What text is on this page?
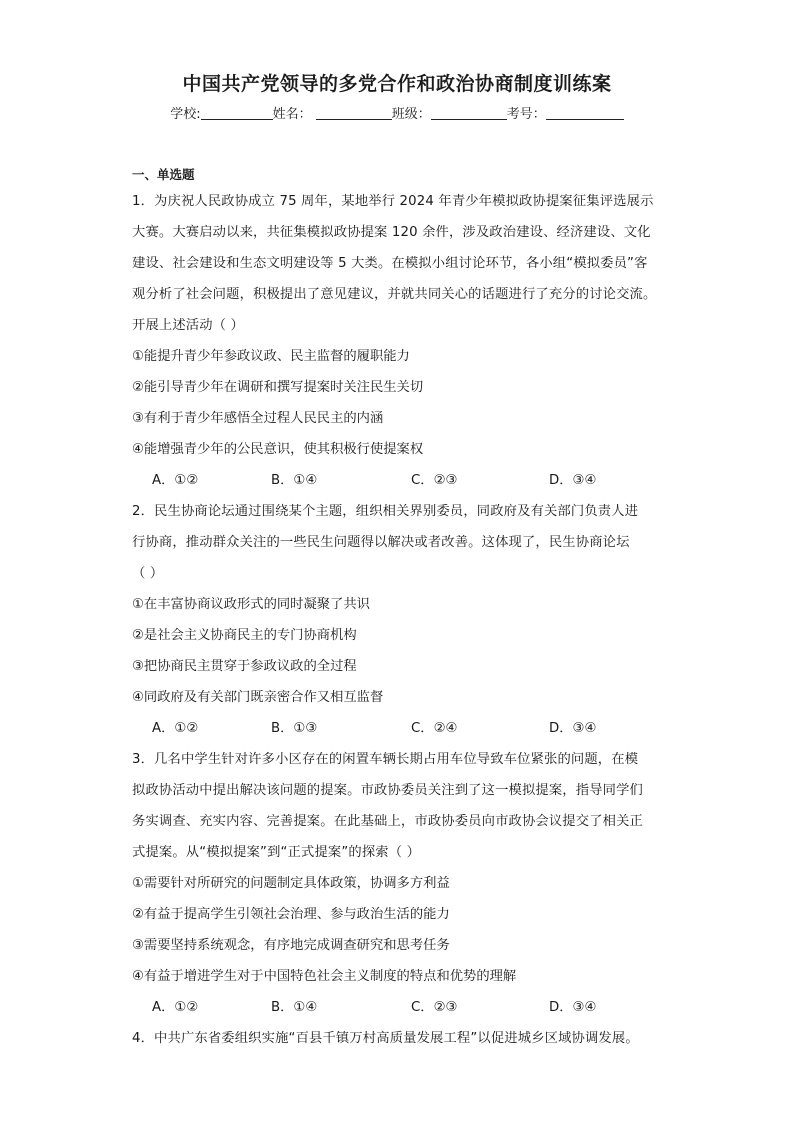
中国共产党领导的多党合作和政治协商制度训练案
学校:	姓名：	班级：	考号：
一、单选题
1．为庆祝人民政协成立 75 周年，某地举行 2024 年青少年模拟政协提案征集评选展示
大赛。大赛启动以来，共征集模拟政协提案 120 余件，涉及政治建设、经济建设、文化
建设、社会建设和生态文明建设等 5 大类。在模拟小组讨论环节，各小组“模拟委员”客
观分析了社会问题，积极提出了意见建议，并就共同关心的话题进行了充分的讨论交流。
开展上述活动（ ）
①能提升青少年参政议政、民主监督的履职能力
②能引导青少年在调研和撰写提案时关注民生关切
③有利于青少年感悟全过程人民民主的内涵
④能增强青少年的公民意识，使其积极行使提案权
A．①②	B．①④	C．②③	D．③④
2．民生协商论坛通过围绕某个主题，组织相关界别委员，同政府及有关部门负责人进
行协商，推动群众关注的一些民生问题得以解决或者改善。这体现了，民生协商论坛
（ ）
①在丰富协商议政形式的同时凝聚了共识
②是社会主义协商民主的专门协商机构
③把协商民主贯穿于参政议政的全过程
④同政府及有关部门既亲密合作又相互监督
A．①②	B．①③	C．②④	D．③④
3．几名中学生针对许多小区存在的闲置车辆长期占用车位导致车位紧张的问题，在模
拟政协活动中提出解决该问题的提案。市政协委员关注到了这一模拟提案，指导同学们
务实调查、充实内容、完善提案。在此基础上，市政协委员向市政协会议提交了相关正
式提案。从“模拟提案”到“正式提案”的探索（ ）
①需要针对所研究的问题制定具体政策，协调多方利益
②有益于提高学生引领社会治理、参与政治生活的能力
③需要坚持系统观念，有序地完成调查研究和思考任务
④有益于增进学生对于中国特色社会主义制度的特点和优势的理解
A．①②	B．①④	C．②③	D．③④
4．中共广东省委组织实施“百县千镇万村高质量发展工程”以促进城乡区域协调发展。
